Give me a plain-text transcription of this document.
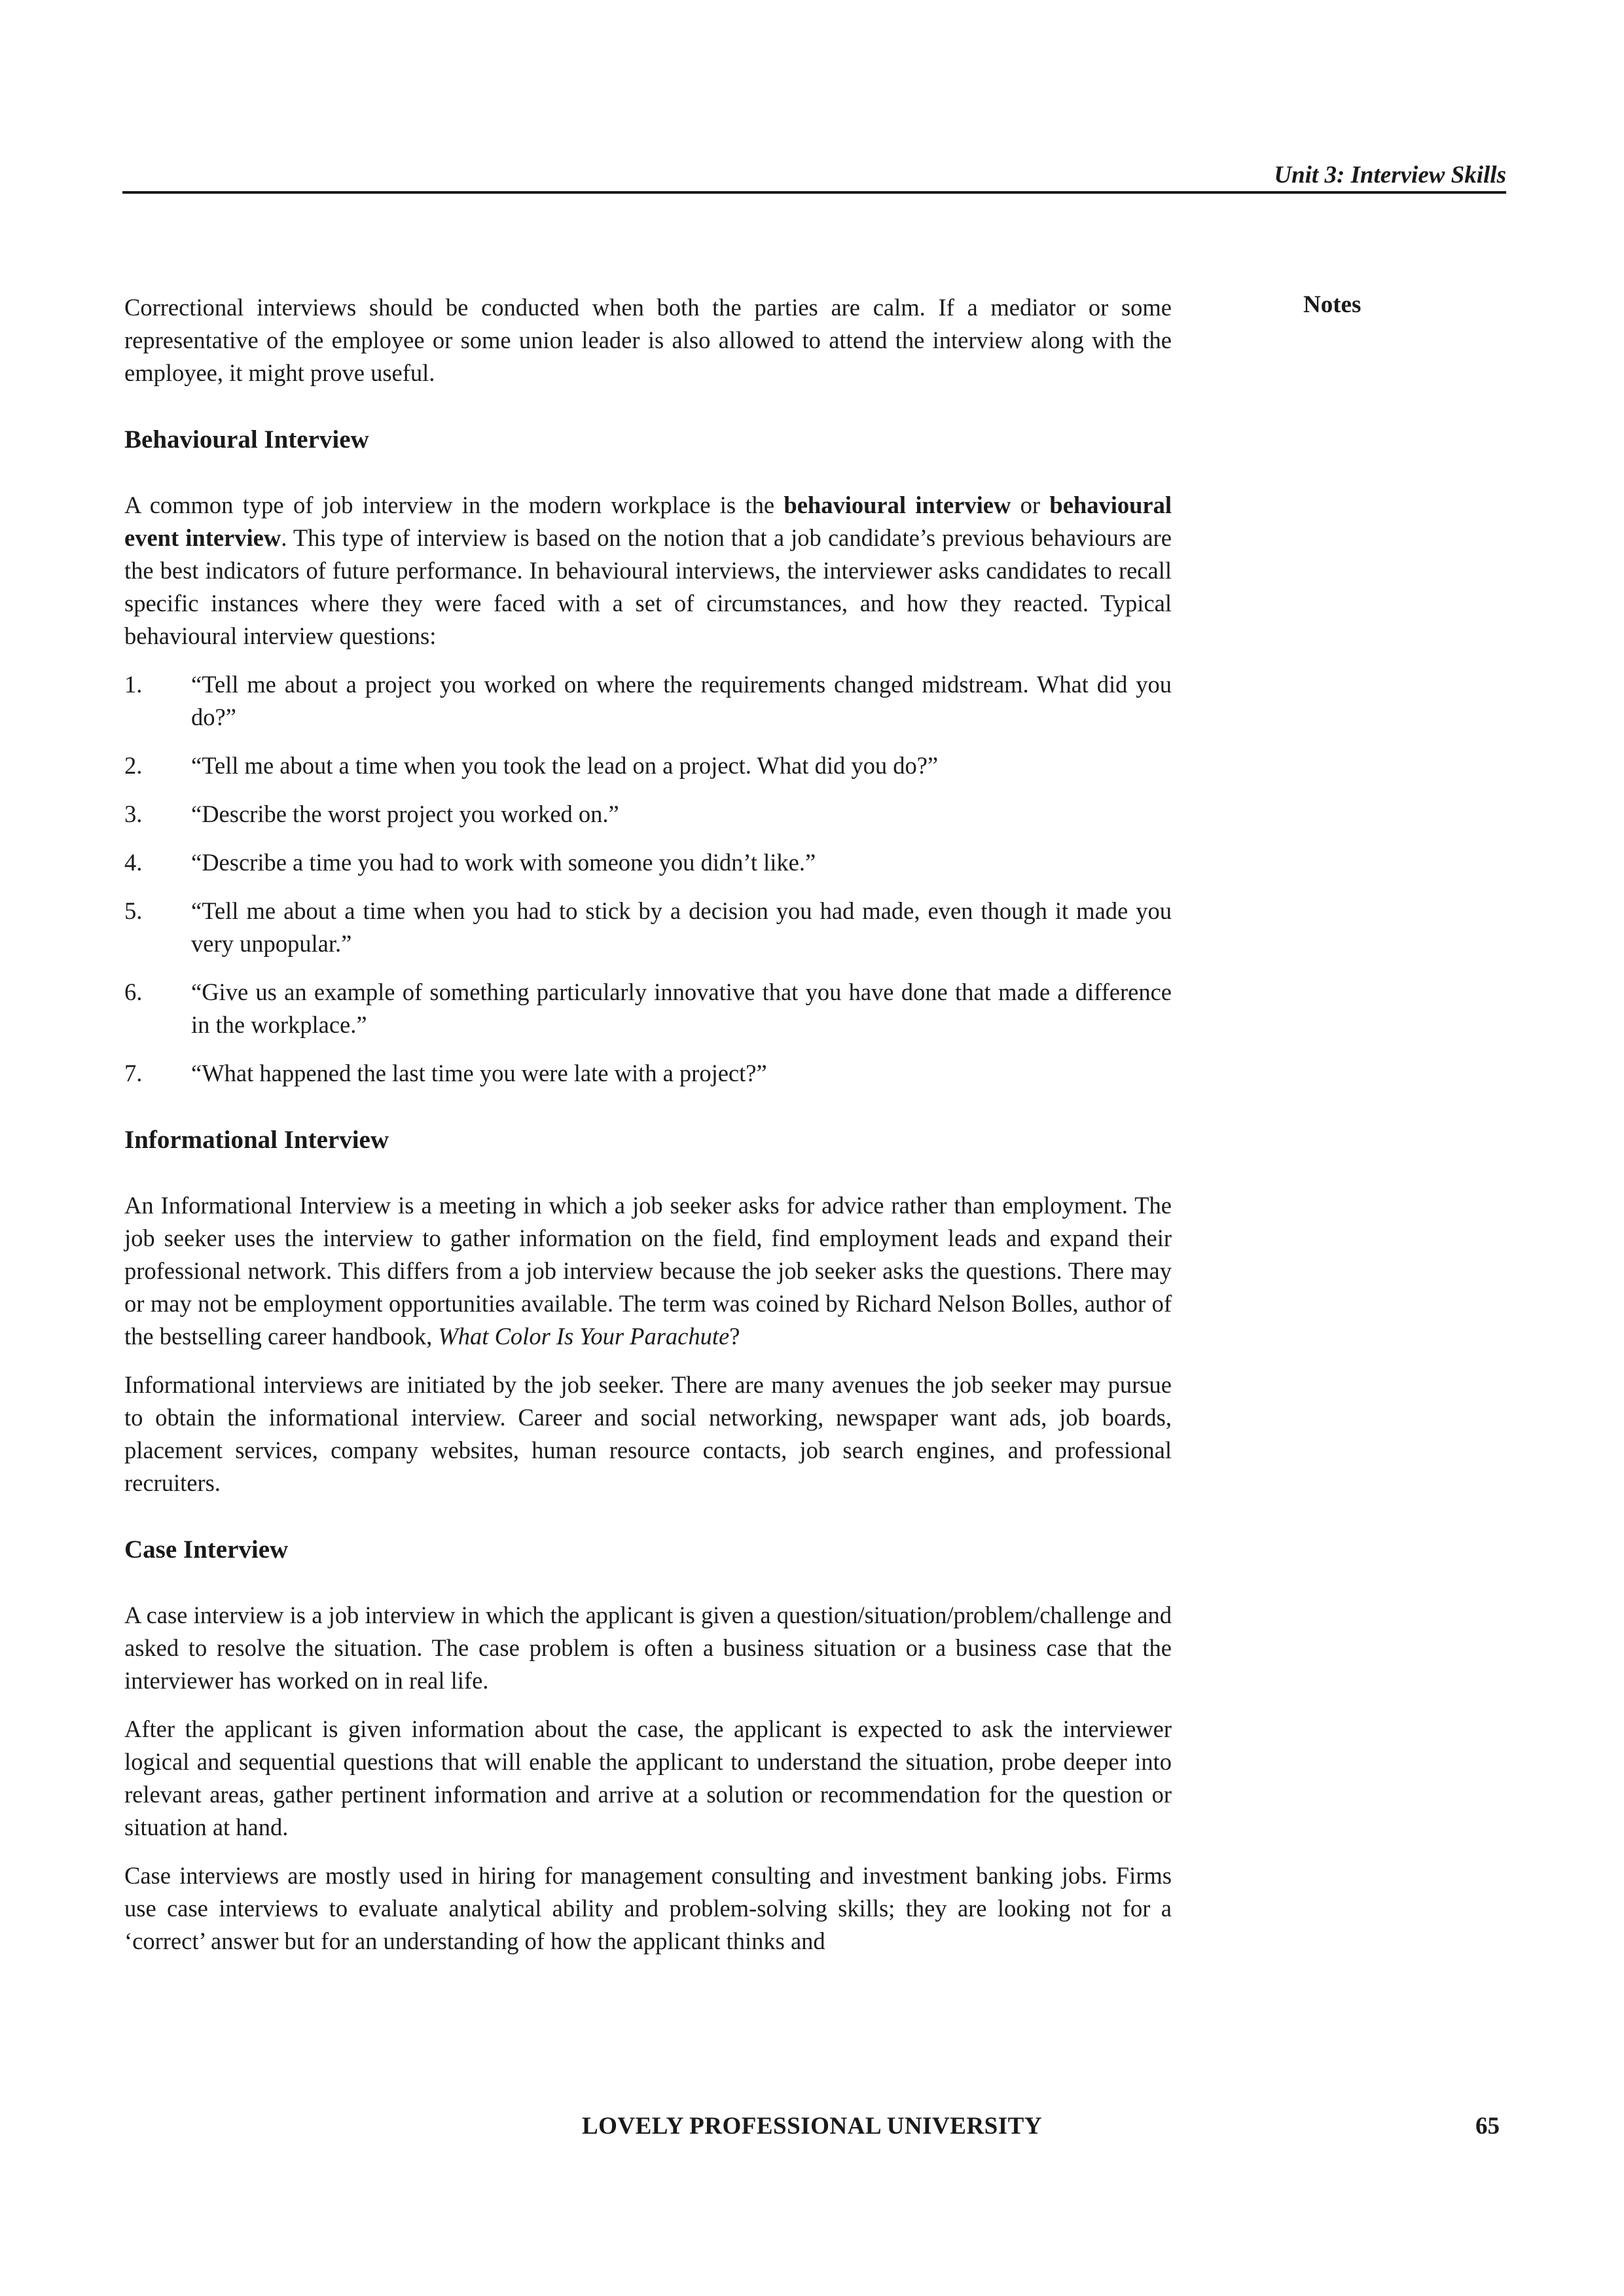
Unit 3: Interview Skills
Notes

Correctional interviews should be conducted when both the parties are calm. If a mediator or some representative of the employee or some union leader is also allowed to attend the interview along with the employee, it might prove useful.

Behavioural Interview

A common type of job interview in the modern workplace is the behavioural interview or behavioural event interview. This type of interview is based on the notion that a job candidate’s previous behaviours are the best indicators of future performance. In behavioural interviews, the interviewer asks candidates to recall specific instances where they were faced with a set of circumstances, and how they reacted. Typical behavioural interview questions:

1. “Tell me about a project you worked on where the requirements changed midstream. What did you do?”
2. “Tell me about a time when you took the lead on a project. What did you do?”
3. “Describe the worst project you worked on.”
4. “Describe a time you had to work with someone you didn’t like.”
5. “Tell me about a time when you had to stick by a decision you had made, even though it made you very unpopular.”
6. “Give us an example of something particularly innovative that you have done that made a difference in the workplace.”
7. “What happened the last time you were late with a project?”
Informational Interview

An Informational Interview is a meeting in which a job seeker asks for advice rather than employment. The job seeker uses the interview to gather information on the field, find employment leads and expand their professional network. This differs from a job interview because the job seeker asks the questions. There may or may not be employment opportunities available. The term was coined by Richard Nelson Bolles, author of the bestselling career handbook, What Color Is Your Parachute?

Informational interviews are initiated by the job seeker. There are many avenues the job seeker may pursue to obtain the informational interview. Career and social networking, newspaper want ads, job boards, placement services, company websites, human resource contacts, job search engines, and professional recruiters.

Case Interview

A case interview is a job interview in which the applicant is given a question/situation/problem/challenge and asked to resolve the situation. The case problem is often a business situation or a business case that the interviewer has worked on in real life.

After the applicant is given information about the case, the applicant is expected to ask the interviewer logical and sequential questions that will enable the applicant to understand the situation, probe deeper into relevant areas, gather pertinent information and arrive at a solution or recommendation for the question or situation at hand.

Case interviews are mostly used in hiring for management consulting and investment banking jobs. Firms use case interviews to evaluate analytical ability and problem-solving skills; they are looking not for a ‘correct’ answer but for an understanding of how the applicant thinks and

LOVELY PROFESSIONAL UNIVERSITY	65
